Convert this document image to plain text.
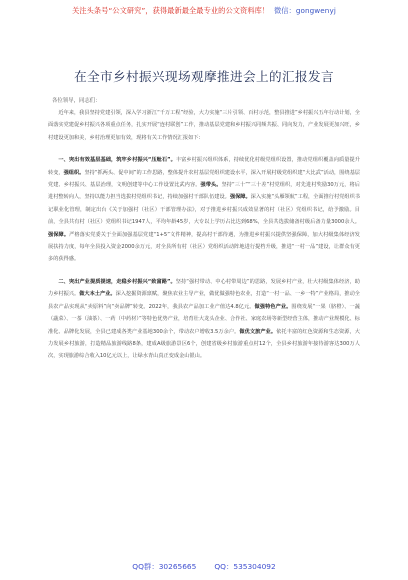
关注头条号“公文研究”，获得最新最全最专业的公文资料库！ 微信：gongwenyj
在全市乡村振兴现场观摩推进会上的汇报发言
各位领导，同志们：

近年来，我县坚持党建引领，深入学习浙江“千万工程”经验，大力实施“三片引领、百村示范，整县推进”乡村振兴五年行动计划，全面落实党建促乡村振兴各项重点任务，扎实开展“连村联创”工作，推动基层党建和乡村振兴同频共振、同向发力，产业发展更加兴旺，乡村建设更加和美，乡村治理更加有效，现将有关工作情况汇报如下：

一、突出有效基层基础，筑牢乡村振兴“压舱石”。丰富乡村振兴组织体系，持续优化村级党组织设置，推动党组织覆盖向质量提升转变，强组织。坚持“抓两头、促中间”的工作思路，整体提升农村基层党组织建设水平，深入开展村级党组织建“大比武”活动，围绕基层党建、乡村振兴、基层治理，文明创建等中心工作设置比武内容。强带头。坚持“三十”“三十差”村党组织，对先进村奖励30万元，将后进村整转向人，坚持以能力担当选拔村党组织书记，持续加强村干部队伍建设。强保障。深入实施“头雁领航”工程，全面推行村党组织书记职业化管理，制定出台《关于加强村（社区）干部管理办法》，对于推进乡村振兴成效显著的村（社区）党组织书记，给予激励。目前，全县共有村（社区）党组织书记1947人，平均年龄45岁，大专以上学历占比达到68%，全县共选拔储备村级后备力量3000余人。强保障。严格落实党委关于全面加强基层党建“1+5”文件精神，提高村干部待遇，为推进乡村振兴提供坚强保障，加大村级集体经济发展扶持力度，每年全县投入资金2000余万元，对全县所有村（社区）党组织活动阵地进行提档升级，推进“一村一品”建设，让群众有更多的获得感。

二、突出产业提质提速，走稳乡村振兴“致富路”。坚持“强村带动、中心村带周边”的思路，发展乡村产业，壮大村级集体经济，助力乡村振兴。做大本土产业。深入挖掘资源禀赋，聚焦农业主导产业，做优做强特色农业，打造“一村一品、一乡一特”产业格局，推动全县农产品实现从“卖原料”向“卖品牌”转变。2022年，我县农产品加工业产值达4.8亿元。做强特色产业。围绕发展“一果（脐橙）、一蔬（蔬菜）、一茶（油茶）、一药（中药材）”等特色优势产业，培育壮大龙头企业、合作社、家庭农场等新型经营主体，推动产业规模化、标准化、品牌化发展，全县已建成各类产业基地300余个，带动农户增收3.5万余户。做优文旅产业。依托丰富的红色资源和生态资源，大力发展乡村旅游，打造精品旅游线路8条，建成A级旅游景区6个，创建省级乡村旅游重点村12个，全县乡村旅游年接待游客达300万人次，实现旅游综合收入10亿元以上，让绿水青山真正变成金山银山。

QQ群：30265665 QQ：535304092
